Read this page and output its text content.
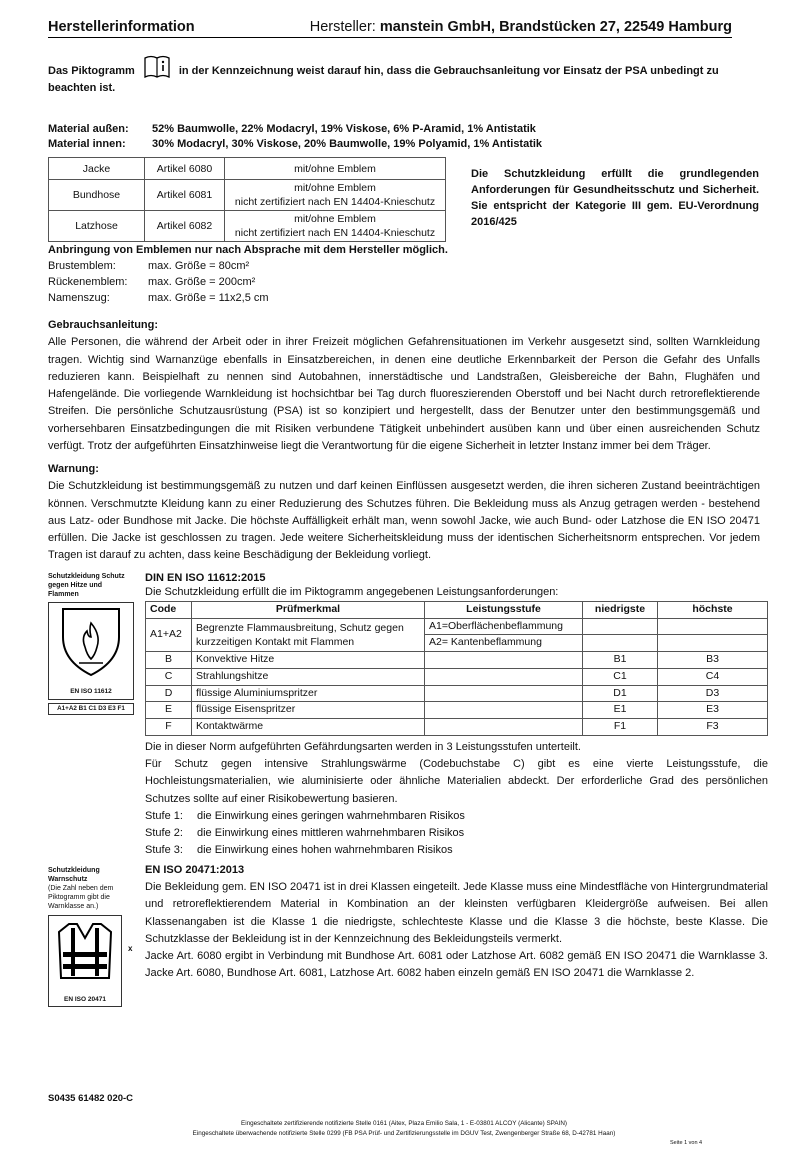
Herstellerinformation	Hersteller: manstein GmbH, Brandstücken 27, 22549 Hamburg
Das Piktogramm	in der Kennzeichnung weist darauf hin, dass die Gebrauchsanleitung vor Einsatz der PSA unbedingt zu beachten ist.
Material außen: 52% Baumwolle, 22% Modacryl, 19% Viskose, 6% P-Aramid, 1% Antistatik
Material innen: 30% Modacryl, 30% Viskose, 20% Baumwolle, 19% Polyamid, 1% Antistatik
Jacke	Artikel 6080	mit/ohne Emblem
Bundhose	Artikel 6081	mit/ohne Emblem
nicht zertifiziert nach EN 14404-Knieschutz

Latzhose	Artikel 6082	mit/ohne Emblem
nicht zertifiziert nach EN 14404-Knieschutz
Die Schutzkleidung erfüllt die grundlegenden Anforderungen für Gesundheitsschutz und Sicherheit. Sie entspricht der Kategorie III gem. EU-Verordnung 2016/425
Anbringung von Emblemen nur nach Absprache mit dem Hersteller möglich.
Brustemblem:	max. Größe = 80cm²
Rückenemblem: max. Größe = 200cm²
Namenszug:	max. Größe = 11x2,5 cm
Gebrauchsanleitung:
Alle Personen, die während der Arbeit oder in ihrer Freizeit möglichen Gefahrensituationen im Verkehr ausgesetzt sind, sollten Warnkleidung tragen. Wichtig sind Warnanzüge ebenfalls in Einsatzbereichen, in denen eine deutliche Erkennbarkeit der Person die Gefahr des Unfalls reduzieren kann. Beispielhaft zu nennen sind Autobahnen, innerstädtische und Landstraßen, Gleisbereiche der Bahn, Flughäfen und Hafengelände. Die vorliegende Warnkleidung ist hochsichtbar bei Tag durch fluoreszierenden Oberstoff und bei Nacht durch retroreflektierende Streifen. Die persönliche Schutzausrüstung (PSA) ist so konzipiert und hergestellt, dass der Benutzer unter den bestimmungsgemäß und vorhersehbaren Einsatzbedingungen die mit Risiken verbundene Tätigkeit unbehindert ausüben kann und über einen ausreichenden Schutz verfügt. Trotz der aufgeführten Einsatzhinweise liegt die Verantwortung für die eigene Sicherheit in letzter Instanz immer bei dem Träger.
Warnung:
Die Schutzkleidung ist bestimmungsgemäß zu nutzen und darf keinen Einflüssen ausgesetzt werden, die ihren sicheren Zustand beeinträchtigen können. Verschmutzte Kleidung kann zu einer Reduzierung des Schutzes führen. Die Bekleidung muss als Anzug getragen werden - bestehend aus Latz- oder Bundhose mit Jacke. Die höchste Auffälligkeit erhält man, wenn sowohl Jacke, wie auch Bund- oder Latzhose die EN ISO 20471 erfüllen. Die Jacke ist geschlossen zu tragen. Jede weitere Sicherheitskleidung muss der identischen Sicherheitsnorm entsprechen. Vor jedem Tragen ist darauf zu achten, dass keine Beschädigung der Bekleidung vorliegt.
Schutzkleidung Schutz gegen Hitze und Flammen
EN ISO 11612
A1+A2 B1 C1 D3 E3 F1
DIN EN ISO 11612:2015
Die Schutzkleidung erfüllt die im Piktogramm angegebenen Leistungsanforderungen:
Code	Prüfmerkmal	Leistungsstufe	niedrigste	höchste
A1+A2	Begrenzte Flammausbreitung, Schutz gegen kurzzeitigen Kontakt mit Flammen	A1=Oberflächenbeflammung		
		A2= Kantenbeflammung		
B	Konvektive Hitze		B1	B3
C	Strahlungshitze		C1	C4
D	flüssige Aluminiumspritzer		D1	D3
E	flüssige Eisenspritzer		E1	E3
F	Kontaktwärme		F1	F3
Die in dieser Norm aufgeführten Gefährdungsarten werden in 3 Leistungsstufen unterteilt.
Für Schutz gegen intensive Strahlungswärme (Codebuchstabe C) gibt es eine vierte Leistungsstufe, die Hochleistungsmaterialien, wie aluminisierte oder ähnliche Materialien abdeckt. Der erforderliche Grad des persönlichen Schutzes sollte auf einer Risikobewertung basieren.
Stufe 1: die Einwirkung eines geringen wahrnehmbaren Risikos
Stufe 2: die Einwirkung eines mittleren wahrnehmbaren Risikos
Stufe 3: die Einwirkung eines hohen wahrnehmbaren Risikos
Schutzkleidung Warnschutz
(Die Zahl neben dem Piktogramm gibt die Warnklasse an.)
EN ISO 20471
x
EN ISO 20471:2013
Die Bekleidung gem. EN ISO 20471 ist in drei Klassen eingeteilt. Jede Klasse muss eine Mindestfläche von Hintergrundmaterial und retroreflektierendem Material in Kombination an der kleinsten verfügbaren Kleidergröße aufweisen. Bei allen Klassenangaben ist die Klasse 1 die niedrigste, schlechteste Klasse und die Klasse 3 die höchste, beste Klasse. Die Schutzklasse der Bekleidung ist in der Kennzeichnung des Bekleidungsteils vermerkt.
Jacke Art. 6080 ergibt in Verbindung mit Bundhose Art. 6081 oder Latzhose Art. 6082 gemäß EN ISO 20471 die Warnklasse 3. Jacke Art. 6080, Bundhose Art. 6081, Latzhose Art. 6082 haben einzeln gemäß EN ISO 20471 die Warnklasse 2.
S0435 61482 020-C
Eingeschaltete zertifizierende notifizierte Stelle 0161 (Aitex, Plaza Emilio Sala, 1 - E-03801 ALCOY (Alicante) SPAIN)
Eingeschaltete überwachende notifizierte Stelle 0299 (FB PSA Prüf- und Zertifizierungsstelle im DGUV Test, Zwengenberger Straße 68, D-42781 Haan)
Seite 1 von 4
